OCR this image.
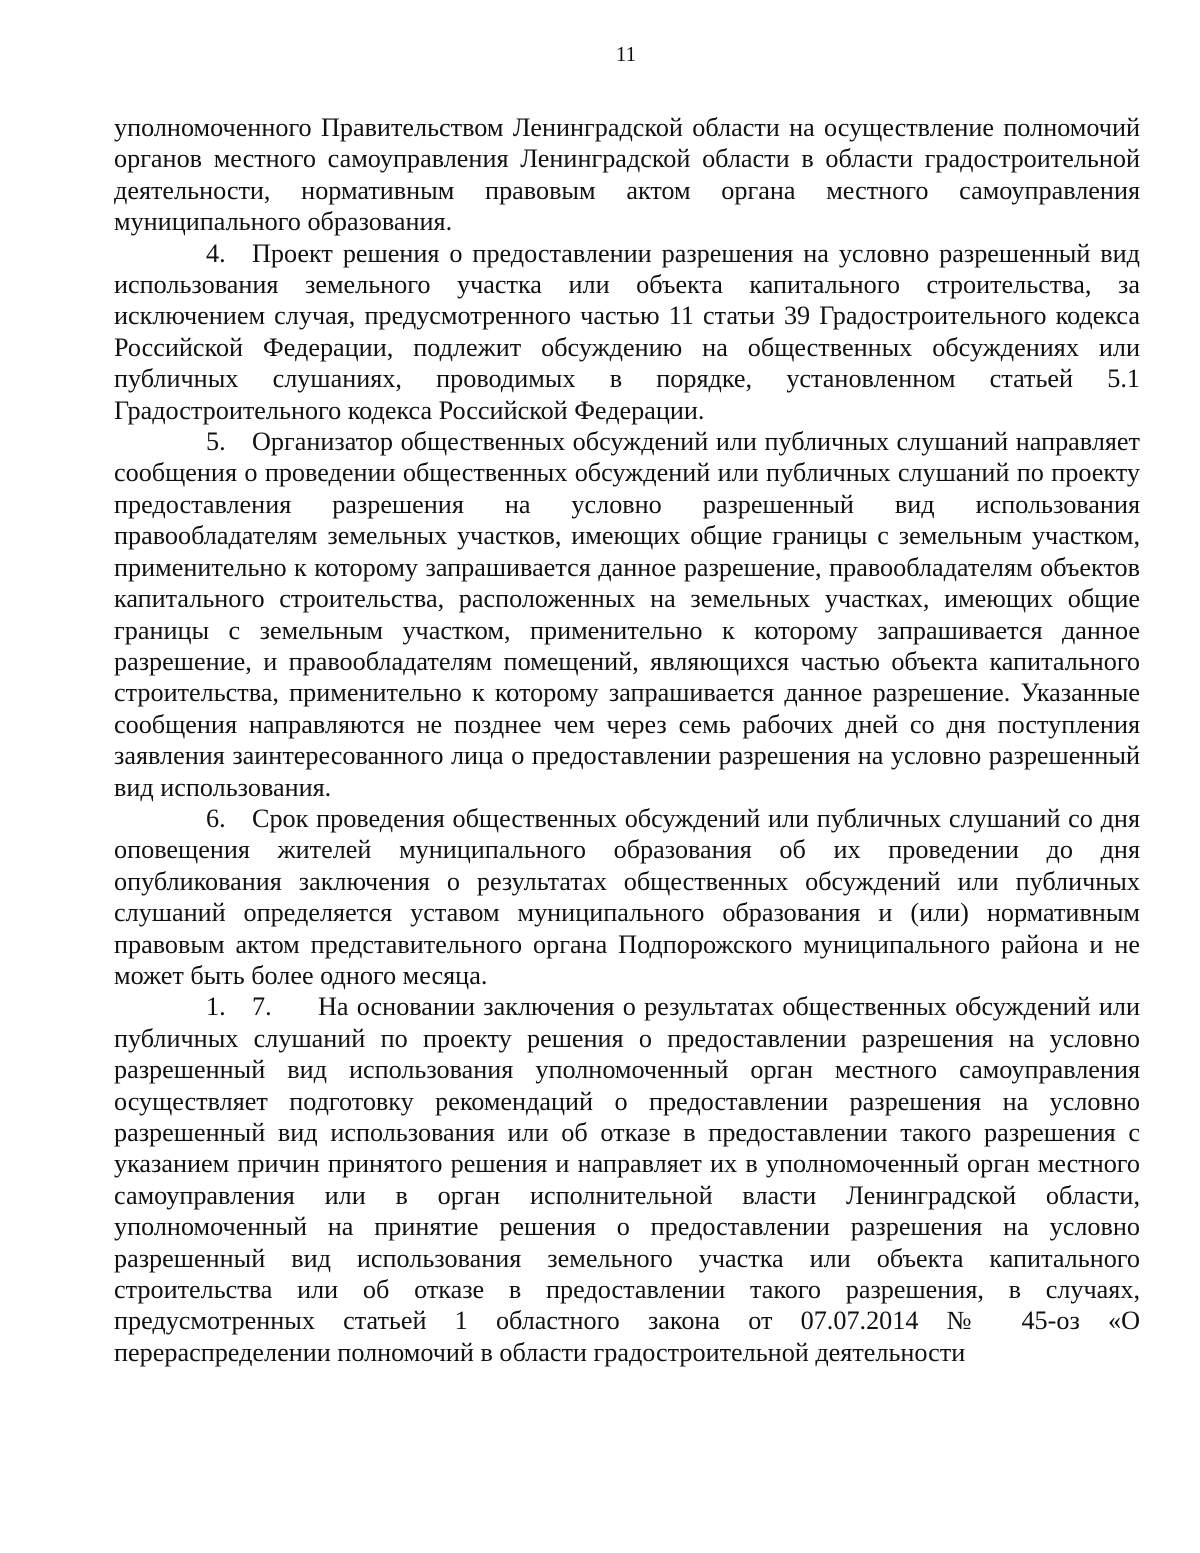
11

уполномоченного Правительством Ленинградской области на осуществление полномочий органов местного самоуправления Ленинградской области в области градостроительной деятельности, нормативным правовым актом органа местного самоуправления муниципального образования.

4. Проект решения о предоставлении разрешения на условно разрешенный вид использования земельного участка или объекта капитального строительства, за исключением случая, предусмотренного частью 11 статьи 39 Градостроительного кодекса Российской Федерации, подлежит обсуждению на общественных обсуждениях или публичных слушаниях, проводимых в порядке, установленном статьей 5.1 Градостроительного кодекса Российской Федерации.

5. Организатор общественных обсуждений или публичных слушаний направляет сообщения о проведении общественных обсуждений или публичных слушаний по проекту предоставления разрешения на условно разрешенный вид использования правообладателям земельных участков, имеющих общие границы с земельным участком, применительно к которому запрашивается данное разрешение, правообладателям объектов капитального строительства, расположенных на земельных участках, имеющих общие границы с земельным участком, применительно к которому запрашивается данное разрешение, и правообладателям помещений, являющихся частью объекта капитального строительства, применительно к которому запрашивается данное разрешение. Указанные сообщения направляются не позднее чем через семь рабочих дней со дня поступления заявления заинтересованного лица о предоставлении разрешения на условно разрешенный вид использования.

6. Срок проведения общественных обсуждений или публичных слушаний со дня оповещения жителей муниципального образования об их проведении до дня опубликования заключения о результатах общественных обсуждений или публичных слушаний определяется уставом муниципального образования и (или) нормативным правовым актом представительного органа Подпорожского муниципального района и не может быть более одного месяца.

1. 7. На основании заключения о результатах общественных обсуждений или публичных слушаний по проекту решения о предоставлении разрешения на условно разрешенный вид использования уполномоченный орган местного самоуправления осуществляет подготовку рекомендаций о предоставлении разрешения на условно разрешенный вид использования или об отказе в предоставлении такого разрешения с указанием причин принятого решения и направляет их в уполномоченный орган местного самоуправления или в орган исполнительной власти Ленинградской области, уполномоченный на принятие решения о предоставлении разрешения на условно разрешенный вид использования земельного участка или объекта капитального строительства или об отказе в предоставлении такого разрешения, в случаях, предусмотренных статьей 1 областного закона от 07.07.2014 № 45-оз «О перераспределении полномочий в области градостроительной деятельности
